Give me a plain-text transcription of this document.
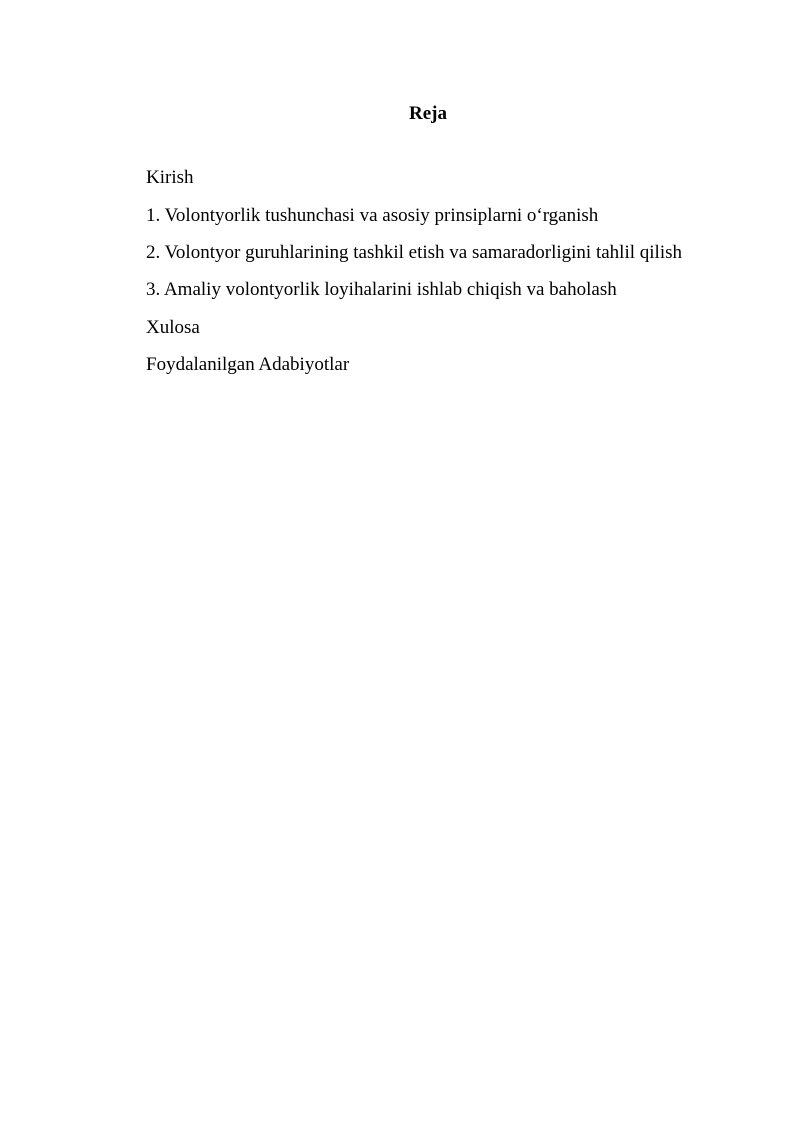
Reja
Kirish
1. Volontyorlik tushunchasi va asosiy prinsiplarni oʻrganish
2. Volontyor guruhlarining tashkil etish va samaradorligini tahlil qilish
3. Amaliy volontyorlik loyihalarini ishlab chiqish va baholash
Xulosa
Foydalanilgan Adabiyotlar
